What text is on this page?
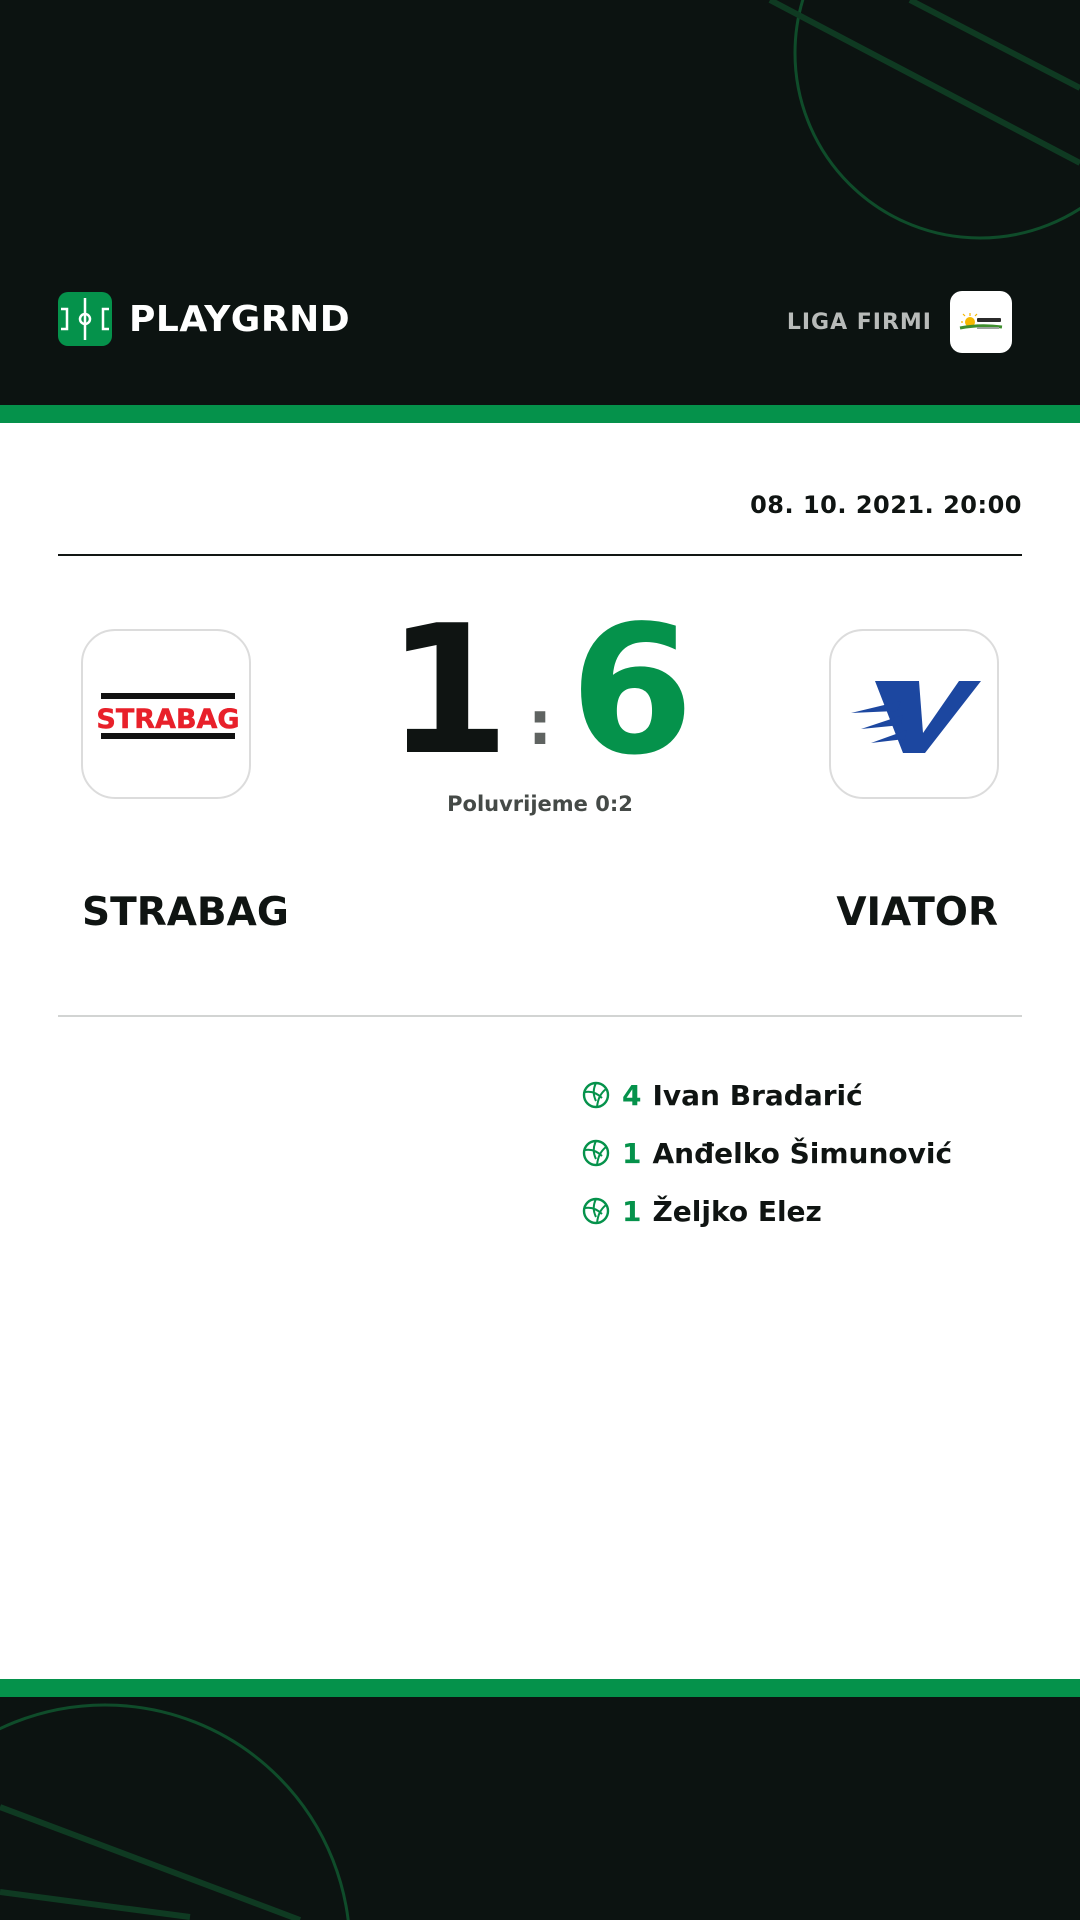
PLAYGRND	LIGA FIRMI
08. 10. 2021. 20:00
STRABAG 1 : 6
Poluvrijeme 0:2
STRABAG	VIATOR
4 Ivan Bradarić
1 Anđelko Šimunović
1 Željko Elez
